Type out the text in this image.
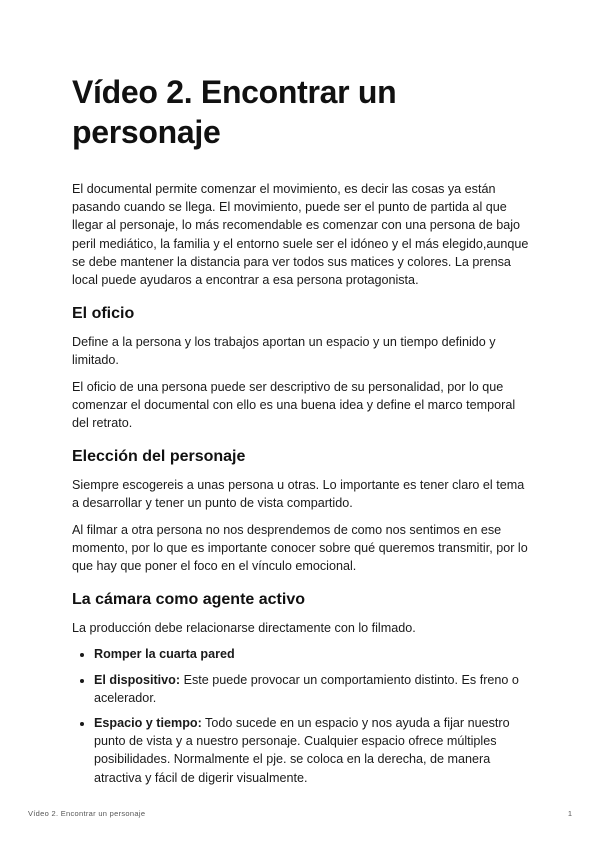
Vídeo 2. Encontrar un personaje

El documental permite comenzar el movimiento, es decir las cosas ya están pasando cuando se llega. El movimiento, puede ser el punto de partida al que llegar al personaje, lo más recomendable es comenzar con una persona de bajo peril mediático, la familia y el entorno suele ser el idóneo y el más elegido,aunque se debe mantener la distancia para ver todos sus matices y colores. La prensa local puede ayudaros a encontrar a esa persona protagonista.

El oficio

Define a la persona y los trabajos aportan un espacio y un tiempo definido y limitado.

El oficio de una persona puede ser descriptivo de su personalidad, por lo que comenzar el documental con ello es una buena idea y define el marco temporal del retrato.

Elección del personaje

Siempre escogereis a unas persona u otras. Lo importante es tener claro el tema a desarrollar y tener un punto de vista compartido.

Al filmar a otra persona no nos desprendemos de como nos sentimos en ese momento, por lo que es importante conocer sobre qué queremos transmitir, por lo que hay que poner el foco en el vínculo emocional.

La cámara como agente activo

La producción debe relacionarse directamente con lo filmado.

• Romper la cuarta pared
• El dispositivo: Este puede provocar un comportamiento distinto. Es freno o acelerador.
• Espacio y tiempo: Todo sucede en un espacio y nos ayuda a fijar nuestro punto de vista y a nuestro personaje. Cualquier espacio ofrece múltiples posibilidades. Normalmente el pje. se coloca en la derecha, de manera atractiva y fácil de digerir visualmente.
Vídeo 2. Encontrar un personaje	1
